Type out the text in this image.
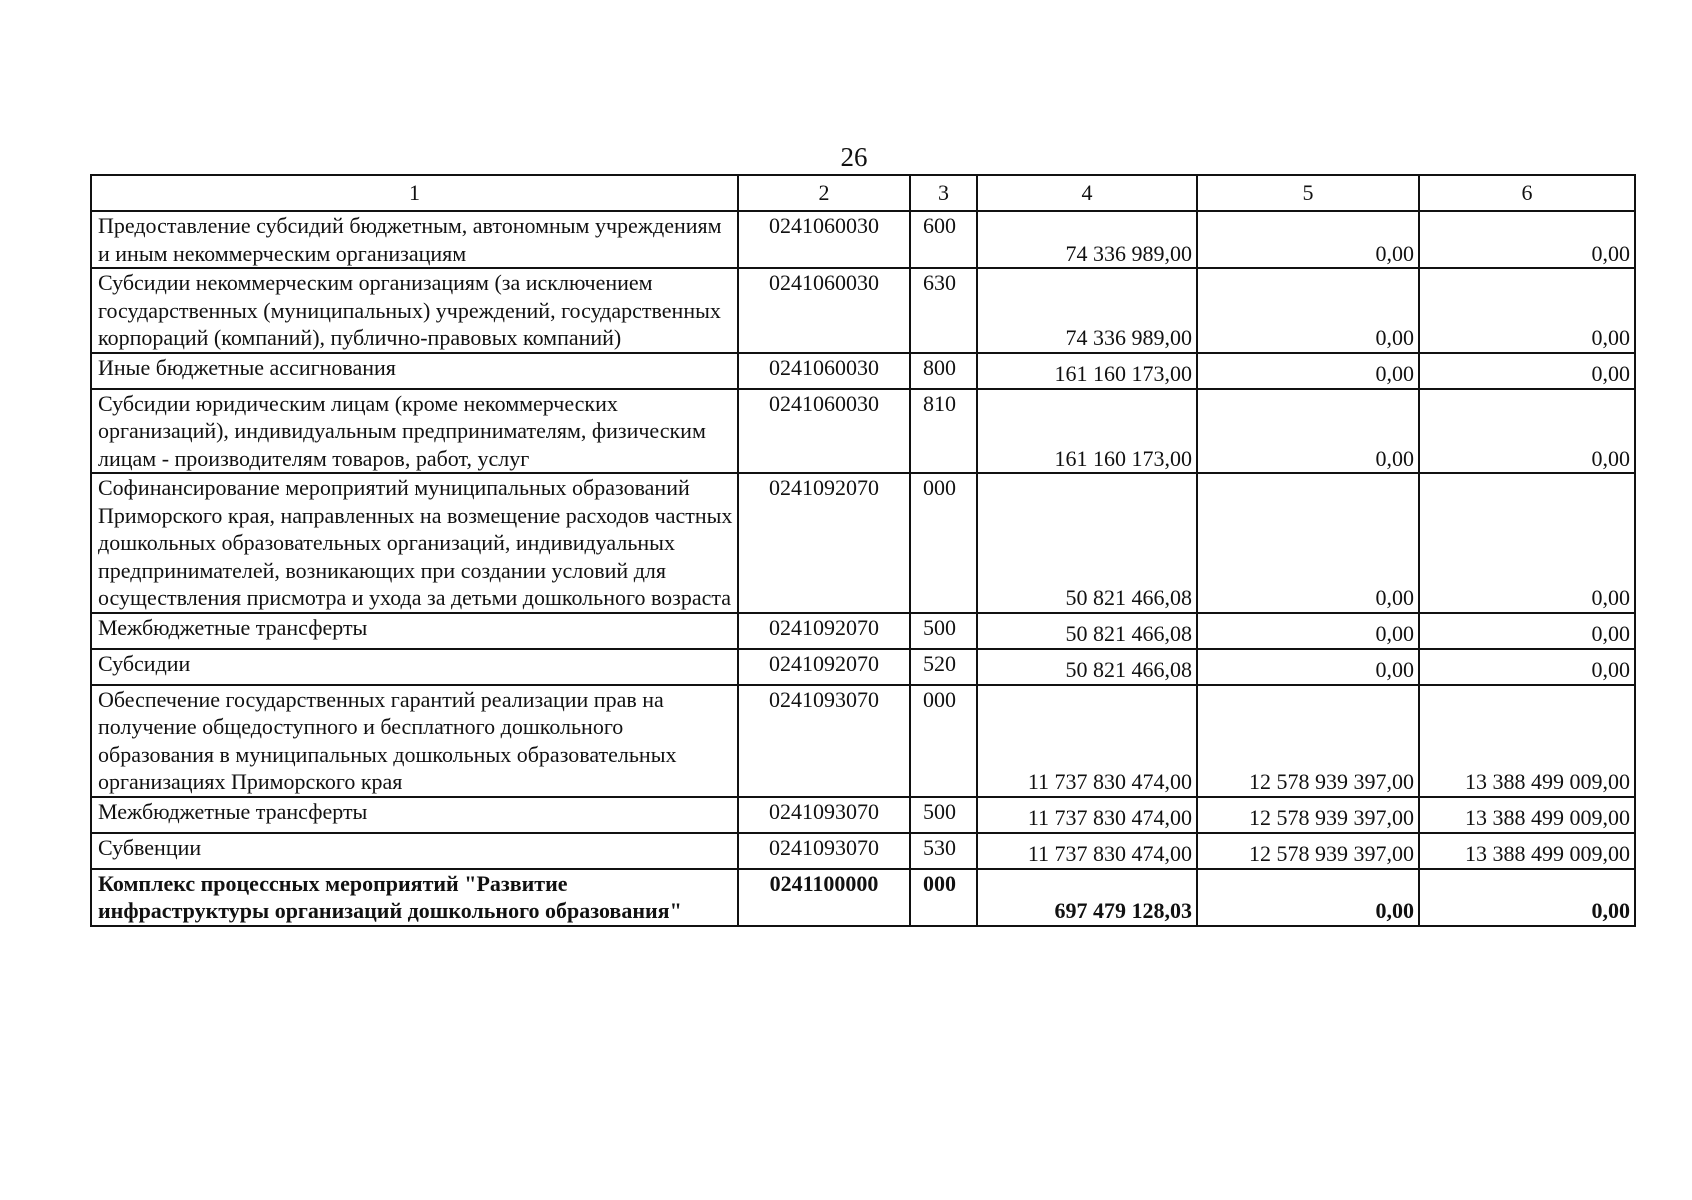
26
1	2	3	4	5	6
Предоставление субсидий бюджетным, автономным учреждениям и иным некоммерческим организациям	0241060030	600	74 336 989,00	0,00	0,00
Субсидии некоммерческим организациям (за исключением государственных (муниципальных) учреждений, государственных корпораций (компаний), публично-правовых компаний)	0241060030	630	74 336 989,00	0,00	0,00
Иные бюджетные ассигнования	0241060030	800	161 160 173,00	0,00	0,00
Субсидии юридическим лицам (кроме некоммерческих организаций), индивидуальным предпринимателям, физическим лицам - производителям товаров, работ, услуг	0241060030	810	161 160 173,00	0,00	0,00
Софинансирование мероприятий муниципальных образований Приморского края, направленных на возмещение расходов частных дошкольных образовательных организаций, индивидуальных предпринимателей, возникающих при создании условий для осуществления присмотра и ухода за детьми дошкольного возраста	0241092070	000	50 821 466,08	0,00	0,00
Межбюджетные трансферты	0241092070	500	50 821 466,08	0,00	0,00
Субсидии	0241092070	520	50 821 466,08	0,00	0,00
Обеспечение государственных гарантий реализации прав на получение общедоступного и бесплатного дошкольного образования в муниципальных дошкольных образовательных организациях Приморского края	0241093070	000	11 737 830 474,00	12 578 939 397,00	13 388 499 009,00
Межбюджетные трансферты	0241093070	500	11 737 830 474,00	12 578 939 397,00	13 388 499 009,00
Субвенции	0241093070	530	11 737 830 474,00	12 578 939 397,00	13 388 499 009,00
Комплекс процессных мероприятий "Развитие инфраструктуры организаций дошкольного образования"	0241100000	000	697 479 128,03	0,00	0,00
